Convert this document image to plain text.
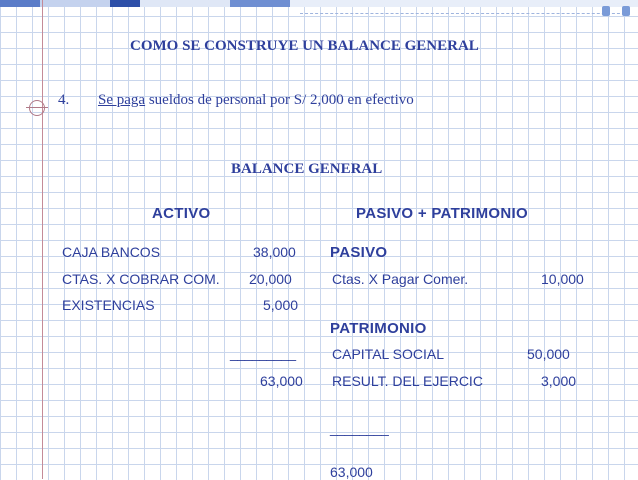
COMO SE CONSTRUYE UN BALANCE GENERAL
4. Se paga sueldos de personal por S/ 2,000 en efectivo
BALANCE GENERAL
ACTIVO	PASIVO + PATRIMONIO
CAJA BANCOS	38,000
CTAS. X COBRAR COM. 20,000
EXISTENCIAS	5,000
_________
63,000
PASIVO
Ctas. X Pagar Comer.	10,000
PATRIMONIO
CAPITAL SOCIAL	50,000
RESULT. DEL EJERCIC	3,000
________
63,000
